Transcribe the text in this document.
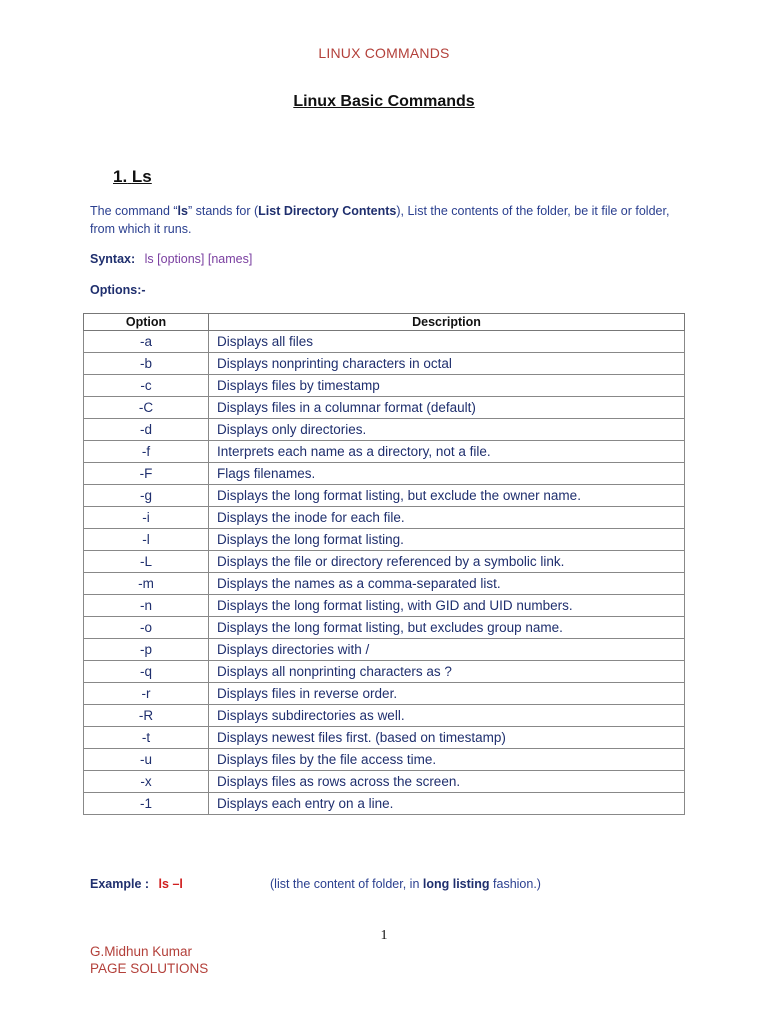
LINUX COMMANDS
Linux Basic Commands
1. Ls
The command “ls” stands for (List Directory Contents), List the contents of the folder, be it file or folder, from which it runs.
Syntax: ls [options] [names]
Options:-
Option	Description
-a	Displays all files
-b	Displays nonprinting characters in octal
-c	Displays files by timestamp
-C	Displays files in a columnar format (default)
-d	Displays only directories.
-f	Interprets each name as a directory, not a file.
-F	Flags filenames.
-g	Displays the long format listing, but exclude the owner name.
-i	Displays the inode for each file.
-l	Displays the long format listing.
-L	Displays the file or directory referenced by a symbolic link.
-m	Displays the names as a comma-separated list.
-n	Displays the long format listing, with GID and UID numbers.
-o	Displays the long format listing, but excludes group name.
-p	Displays directories with /
-q	Displays all nonprinting characters as ?
-r	Displays files in reverse order.
-R	Displays subdirectories as well.
-t	Displays newest files first. (based on timestamp)
-u	Displays files by the file access time.
-x	Displays files as rows across the screen.
-1	Displays each entry on a line.
Example : ls –l	(list the content of folder, in long listing fashion.)
1
G.Midhun Kumar
PAGE SOLUTIONS
